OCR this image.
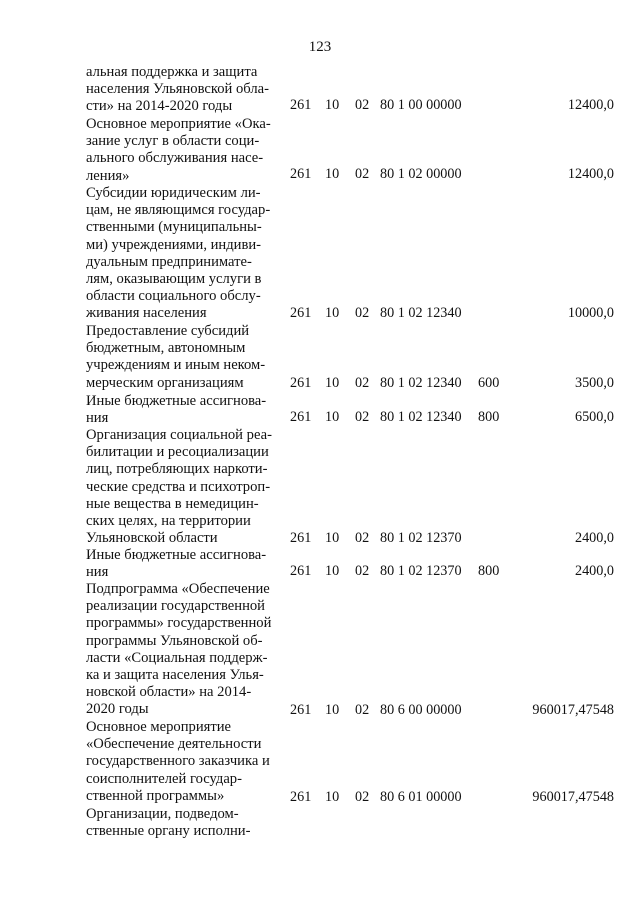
123
альная поддержка и защита
населения Ульяновской обла-
сти» на 2014-2020 годы	261 10 02 80 1 00 00000	12400,0
Основное мероприятие «Ока-
зание услуг в области соци-
ального обслуживания насе-
ления»	261 10 02 80 1 02 00000	12400,0
Субсидии юридическим ли-
цам, не являющимся государ-
ственными (муниципальны-
ми) учреждениями, индиви-
дуальным предпринимате-
лям, оказывающим услуги в
области социального обслу-
живания населения	261 10 02 80 1 02 12340	10000,0
Предоставление субсидий
бюджетным, автономным
учреждениям и иным неком-
мерческим организациям	261 10 02 80 1 02 12340 600	3500,0
Иные бюджетные ассигнова-
ния	261 10 02 80 1 02 12340 800	6500,0
Организация социальной реа-
билитации и ресоциализации
лиц, потребляющих наркоти-
ческие средства и психотроп-
ные вещества в немедицин-
ских целях, на территории
Ульяновской области	261 10 02 80 1 02 12370	2400,0
Иные бюджетные ассигнова-
ния	261 10 02 80 1 02 12370 800	2400,0
Подпрограмма «Обеспечение
реализации государственной
программы» государственной
программы Ульяновской об-
ласти «Социальная поддерж-
ка и защита населения Улья-
новской области» на 2014-
2020 годы	261 10 02 80 6 00 00000	960017,47548
Основное мероприятие
«Обеспечение деятельности
государственного заказчика и
соисполнителей государ-
ственной программы»	261 10 02 80 6 01 00000	960017,47548
Организации, подведом-
ственные органу исполни-
